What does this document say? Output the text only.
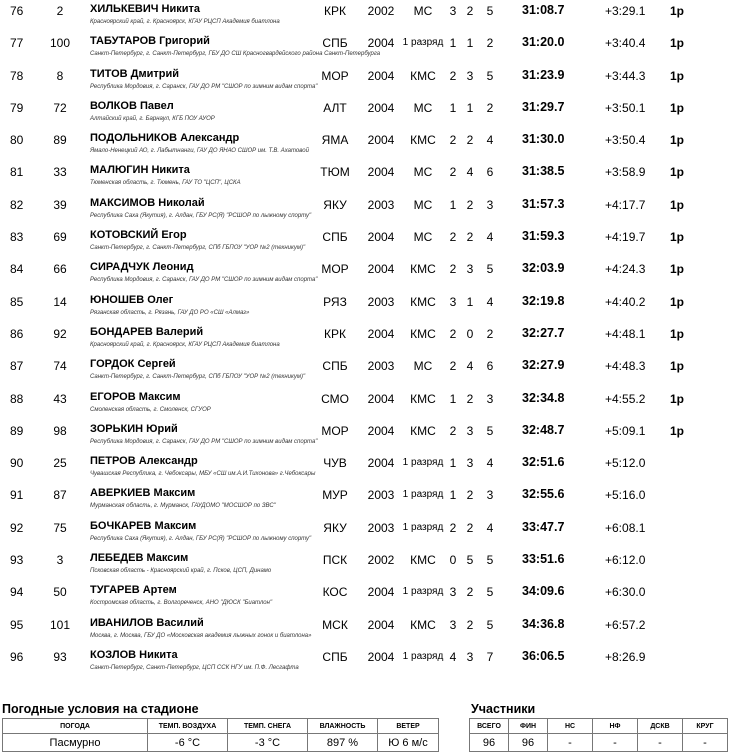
76	2	ХИЛЬКЕВИЧ Никита
Красноярский край, г. Красноярск, КГАУ РЦСП Академия биатлона
КРК	2002	МС	3 2 5 31:08.7	+3:29.1 1р
77	100	ТАБУТАРОВ Григорий
Санкт-Петербург, г. Санкт-Петербург, ГБУ ДО СШ Красногвардейского района Санкт-Петербурга
СПБ	2004 1 разряд 1 1 2 31:20.0	+3:40.4 1р
78	8	ТИТОВ Дмитрий
Республика Мордовия, г. Саранск, ГАУ ДО РМ "СШОР по зимним видам спорта"
МОР	2004	КМС	2 3 5 31:23.9	+3:44.3 1р
79	72	ВОЛКОВ Павел
Алтайский край, г. Барнаул, КГБ ПОУ АУОР
АЛТ	2004	МС	1 1 2 31:29.7	+3:50.1 1р
80	89	ПОДОЛЬНИКОВ Александр
Ямало-Ненецкий АО, г. Лабытнанги, ГАУ ДО ЯНАО СШОР им. Т.В. Ахатовой
ЯМА	2004	КМС	2 2 4 31:30.0	+3:50.4 1р
81	33	МАЛЮГИН Никита
Тюменская область, г. Тюмень, ГАУ ТО "ЦСП", ЦСКА
ТЮМ	2004	МС	2 4 6 31:38.5	+3:58.9 1р
82	39	МАКСИМОВ Николай
Республика Саха (Якутия), г. Алдан, ГБУ РС(Я) "РСШОР по лыжному спорту"
ЯКУ	2003	МС	1 2 3 31:57.3	+4:17.7 1р
83	69	КОТОВСКИЙ Егор
Санкт-Петербург, г. Санкт-Петербург, СПб ГБПОУ "УОР №2 (техникум)"
СПБ	2004	МС	2 2 4 31:59.3	+4:19.7 1р
84	66	СИРАДЧУК Леонид
Республика Мордовия, г. Саранск, ГАУ ДО РМ "СШОР по зимним видам спорта"
МОР	2004	КМС	2 3 5 32:03.9	+4:24.3 1р
85	14	ЮНОШЕВ Олег
Рязанская область, г. Рязань, ГАУ ДО РО «СШ «Алмаз»
РЯЗ	2003	КМС	3 1 4 32:19.8	+4:40.2 1р
86	92	БОНДАРЕВ Валерий
Красноярский край, г. Красноярск, КГАУ РЦСП Академия биатлона
КРК	2004	КМС	2 0 2 32:27.7	+4:48.1 1р
87	74	ГОРДОК Сергей
Санкт-Петербург, г. Санкт-Петербург, СПб ГБПОУ "УОР №2 (техникум)"
СПБ	2003	МС	2 4 6 32:27.9	+4:48.3 1р
88	43	ЕГОРОВ Максим
Смоленская область, г. Смоленск, СГУОР
СМО	2004	КМС	1 2 3 32:34.8	+4:55.2 1р
89	98	ЗОРЬКИН Юрий
Республика Мордовия, г. Саранск, ГАУ ДО РМ "СШОР по зимним видам спорта"
МОР	2004	КМС	2 3 5 32:48.7	+5:09.1 1р
90	25	ПЕТРОВ Александр
Чувашская Республика, г. Чебоксары, МБУ «СШ им.А.И.Тихонова» г.Чебоксары
ЧУВ	2004 1 разряд 1 3 4 32:51.6	+5:12.0
91	87	АВЕРКИЕВ Максим
Мурманская область, г. Мурманск, ГАУДОМО "МОСШОР по ЗВС"
МУР	2003 1 разряд 1 2 3 32:55.6	+5:16.0
92	75	БОЧКАРЕВ Максим
Республика Саха (Якутия), г. Алдан, ГБУ РС(Я) "РСШОР по лыжному спорту"
ЯКУ	2003 1 разряд 2 2 4 33:47.7	+6:08.1
93	3	ЛЕБЕДЕВ Максим
Псковская область - Красноярский край, г. Псков, ЦСП, Динамо
ПСК	2002	КМС	0 5 5 33:51.6	+6:12.0
94	50	ТУГАРЕВ Артем
Костромская область, г. Волгореченск, АНО "ДЮСК "Биатлон"
КОС	2004 1 разряд 3 2 5 34:09.6	+6:30.0
95	101	ИВАНИЛОВ Василий
Москва, г. Москва, ГБУ ДО «Московская академия лыжных гонок и биатлона»
МСК	2004	КМС	3 2 5 34:36.8	+6:57.2
96	93	КОЗЛОВ Никита
Санкт-Петербург, Санкт-Петербург, ЦСП ССК НГУ им. П.Ф. Лесгафта
СПБ	2004 1 разряд 4 3 7 36:06.5	+8:26.9
Погодные условия на стадионе
ПОГОДА	ТЕМП. ВОЗДУХА	ТЕМП. СНЕГА	ВЛАЖНОСТЬ	ВЕТЕР
Пасмурно	-6 °C	-3 °C	897 %	Ю 6 м/с
Участники
ВСЕГО	ФИН	НС	НФ	ДСКВ	КРУГ
96	96	-	-	-	-
